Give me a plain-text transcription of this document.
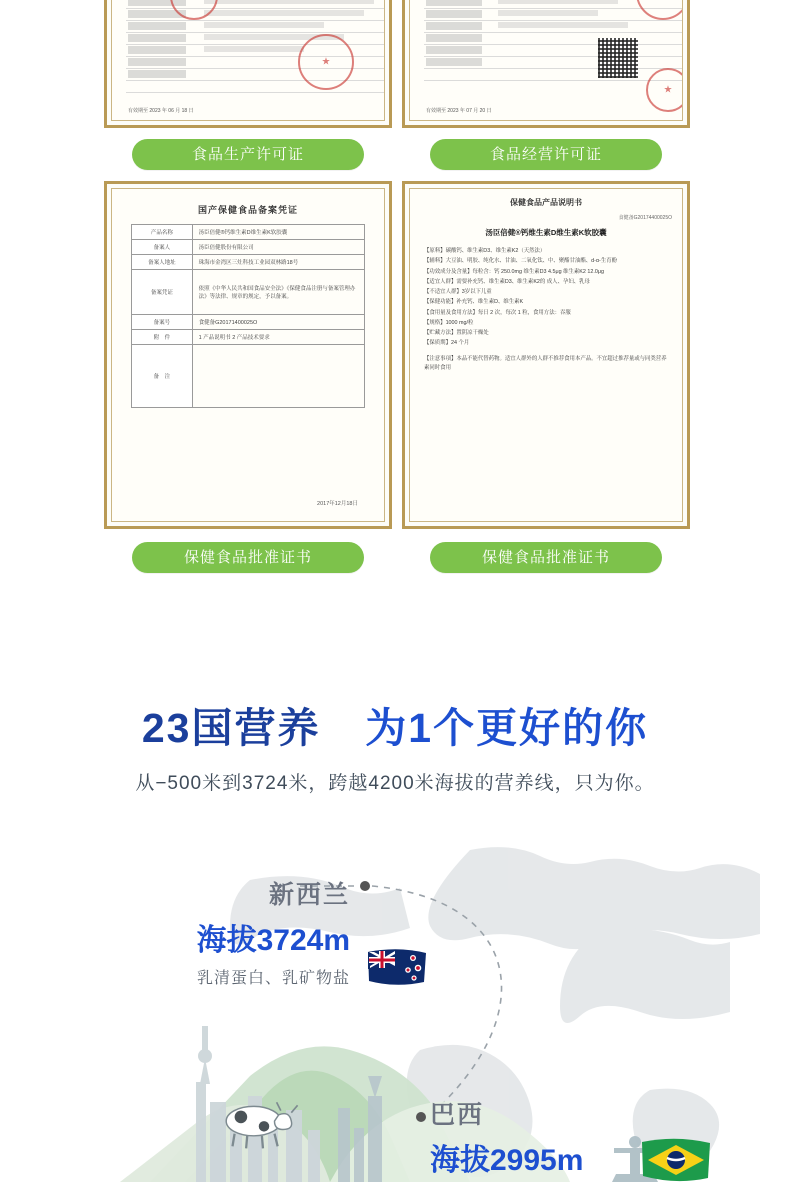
★
★
有效期至 2023 年 06 月 18 日
★ ★	有效期至 2023 年 07 月 20 日
食品生产许可证	食品经营许可证
国产保健食品备案凭证
产品名称	汤臣倍健®钙维生素D维生素K软胶囊
备案人	汤臣倍健股份有限公司
备案人地址	珠海市金湾区三灶科技工业园双林路18号
备案凭证	依照《中华人民共和国食品安全法》《保健食品注册与备案管理办法》等法律、规章的规定，予以备案。
备案号	食健备G20171400025O
附　件	1 产品说明书 2 产品技术要求
备　注	
2017年12月18日
保健食品产品说明书
食健备G20174400025O
汤臣倍健®钙维生素D维生素K软胶囊
【原料】碳酸钙、维生素D3、维生素K2（天然法）
【辅料】大豆油、明胶、纯化水、甘油、二氧化钛、中、聚酯甘油酯、d-α-生育酚
【功效成分及含量】每粒含：钙 250.0mg 维生素D3 4.5μg 维生素K2 12.0μg
【适宜人群】需要补充钙、维生素D3、维生素K2的 成人、孕妇、乳母
【不适宜人群】3岁以下儿童
【保健功能】补充钙、维生素D、维生素K
【食用量及食用方法】每日 2 次，每次 1 粒，食用方法：吞服
【规格】1000 mg/粒
【贮藏方法】置阴凉干燥处
【保质期】24 个月
【注意事项】本品不能代替药物。适宜人群外的人群不推荐食用本产品。不宜超过推荐量或与同类营养素同时食用
保健食品批准证书	保健食品批准证书
23国营养 为1个更好的你
从−500米到3724米，跨越4200米海拔的营养线，只为你。
新西兰
海拔3724m
乳清蛋白、乳矿物盐
巴西
海拔2995m
